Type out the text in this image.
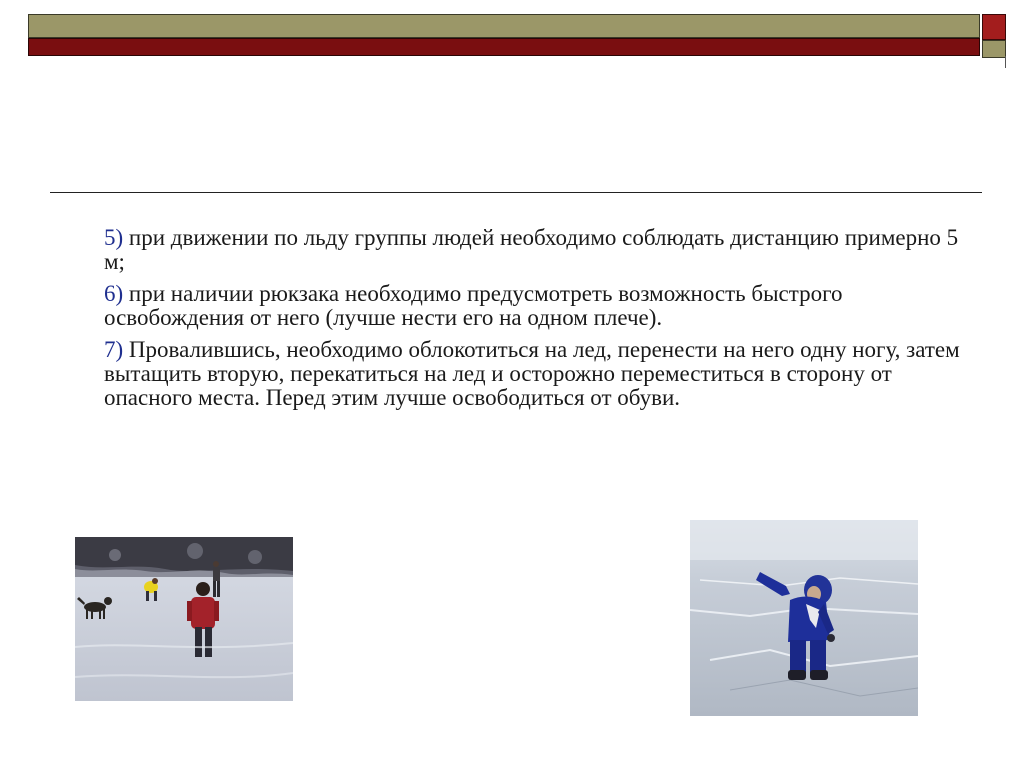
5) при движении по льду группы людей необходимо соблюдать дистанцию примерно 5 м;

6) при наличии рюкзака необходимо предусмотреть возможность быстрого освобождения от него (лучше нести его на одном плече).

7) Провалившись, необходимо облокотиться на лед, перенести на него одну ногу, затем вытащить вторую, перекатиться на лед и осторожно переместиться в сторону от опасного места. Перед этим лучше освободиться от обуви.
